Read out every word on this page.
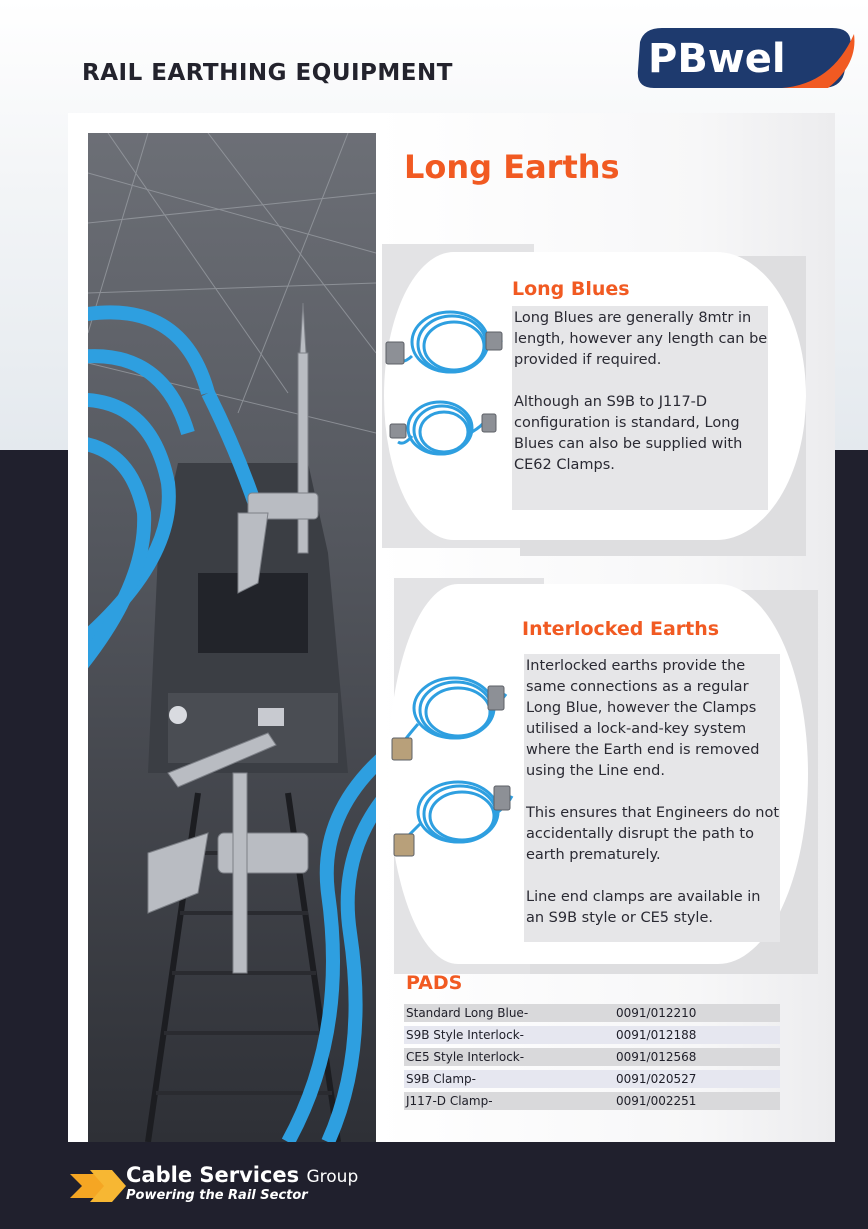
RAIL EARTHING EQUIPMENT	PBwel
Long Earths
Long Blues

Long Blues are generally 8mtr in length, however any length can be provided if required.

Although an S9B to J117-D configuration is standard, Long Blues can also be supplied with CE62 Clamps.

Interlocked Earths

Interlocked earths provide the same connections as a regular Long Blue, however the Clamps utilised a lock-and-key system where the Earth end is removed using the Line end.

This ensures that Engineers do not accidentally disrupt the path to earth prematurely.

Line end clamps are available in an S9B style or CE5 style.

PADS
Standard Long Blue-	0091/012210
S9B Style Interlock-	0091/012188
CE5 Style Interlock-	0091/012568
S9B Clamp-	0091/020527
J117-D Clamp-	0091/002251
Cable Services Group
Powering the Rail Sector
